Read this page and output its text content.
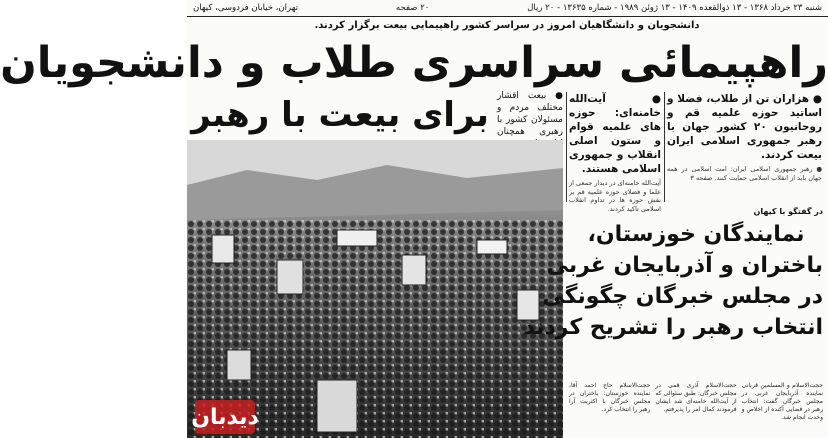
شنبه ۲۳ خرداد ۱۳۶۸ - ۱۳ ذوالقعده ۱۴۰۹ - ۱۳ ژوئن ۱۹۸۹ - شماره ۱۳۶۳۵ - ۲۰ ریال
۲۰ صفحه
تهران، خیابان فردوسی، کیهان
دانشجویان و دانشگاهیان امروز در سراسر کشور راهپیمایی بیعت برگزار کردند.
راهپیمائی سراسری طلاب و دانشجویان
برای بیعت با رهبر	● بیعت اقشار مختلف مردم و مسئولان کشور با رهبری همچنان
● آیت‌الله خامنه‌ای: حوزه های علمیه قوام و ستون اصلی انقلاب و جمهوری اسلامی هستند.
آیت‌الله خامنه‌ای در دیدار جمعی از علما و فضلای حوزه علمیه قم بر نقش حوزه ها در تداوم انقلاب اسلامی تاکید کردند.
● هزاران تن از طلاب، فضلا و اساتید حوزه علمیه قم و روحانیون ۲۰ کشور جهان با رهبر جمهوری اسلامی ایران بیعت کردند.
● رهبر جمهوری اسلامی ایران: امت اسلامی در همه جهان باید از انقلاب اسلامی حمایت کنند. صفحه ۳
در گفتگو با کیهان
نمایندگان خوزستان،
باختران و آذربایجان غربی
در مجلس خبرگان چگونگی
انتخاب رهبر را تشریح کردند
حجت‌الاسلام و المسلمین قربانی نماینده آذربایجان غربی در مجلس خبرگان گفت: انتخاب رهبر در فضایی آکنده از اخلاص و وحدت انجام شد.
حجت‌الاسلام آذری قمی در مجلس خبرگان: طبق سئوالی که از آیت‌الله خامنه‌ای شد ایشان فرمودند کمال امر را پذیرفتم.
حجت‌الاسلام حاج احمد آقا، نماینده خوزستان: باختران در مجلس خبرگان با اکثریت آرا رهبر را انتخاب کرد.
دیدبان
